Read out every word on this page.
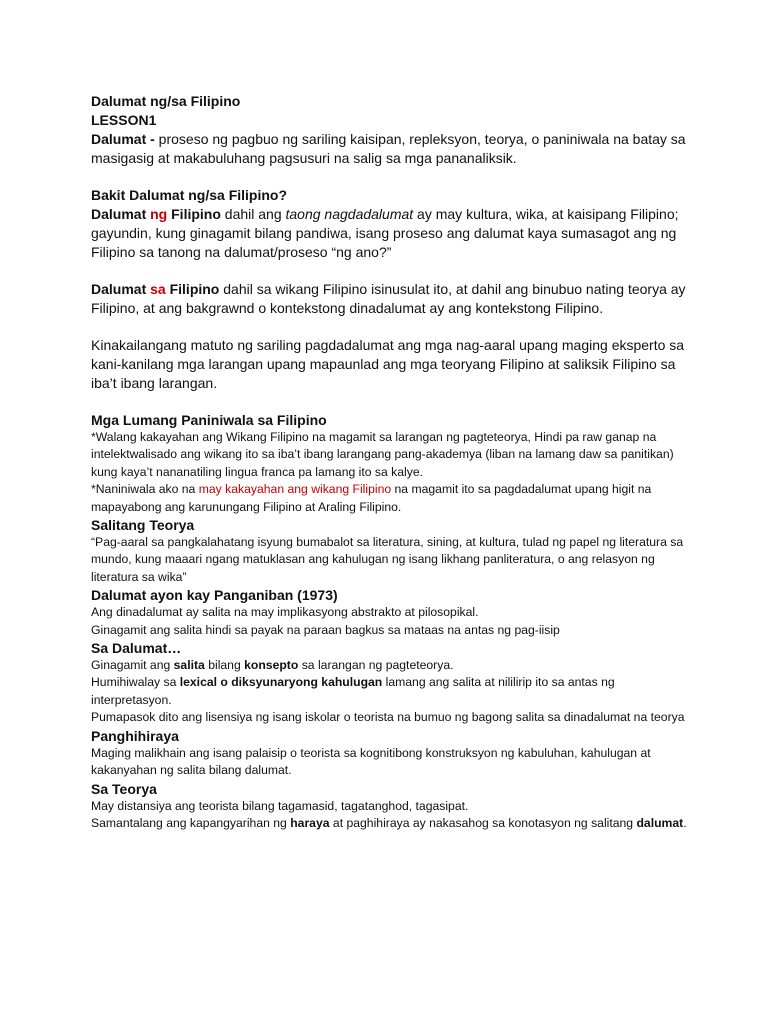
Dalumat ng/sa Filipino

LESSON1

Dalumat - proseso ng pagbuo ng sariling kaisipan, repleksyon, teorya, o paniniwala na batay sa masigasig at makabuluhang pagsusuri na salig sa mga pananaliksik.

Bakit Dalumat ng/sa Filipino?

Dalumat ng Filipino dahil ang taong nagdadalumat ay may kultura, wika, at kaisipang Filipino; gayundin, kung ginagamit bilang pandiwa, isang proseso ang dalumat kaya sumasagot ang ng Filipino sa tanong na dalumat/proseso “ng ano?”

Dalumat sa Filipino dahil sa wikang Filipino isinusulat ito, at dahil ang binubuo nating teorya ay Filipino, at ang bakgrawnd o kontekstong dinadalumat ay ang kontekstong Filipino.

Kinakailangang matuto ng sariling pagdadalumat ang mga nag-aaral upang maging eksperto sa kani-kanilang mga larangan upang mapaunlad ang mga teoryang Filipino at saliksik Filipino sa iba’t ibang larangan.

Mga Lumang Paniniwala sa Filipino

*Walang kakayahan ang Wikang Filipino na magamit sa larangan ng pagteteorya, Hindi pa raw ganap na intelektwalisado ang wikang ito sa iba’t ibang larangang pang-akademya (liban na lamang daw sa panitikan) kung kaya’t nananatiling lingua franca pa lamang ito sa kalye.

*Naniniwala ako na may kakayahan ang wikang Filipino na magamit ito sa pagdadalumat upang higit na mapayabong ang karunungang Filipino at Araling Filipino.

Salitang Teorya

“Pag-aaral sa pangkalahatang isyung bumabalot sa literatura, sining, at kultura, tulad ng papel ng literatura sa mundo, kung maaari ngang matuklasan ang kahulugan ng isang likhang panliteratura, o ang relasyon ng literatura sa wika”

Dalumat ayon kay Panganiban (1973)

Ang dinadalumat ay salita na may implikasyong abstrakto at pilosopikal.

Ginagamit ang salita hindi sa payak na paraan bagkus sa mataas na antas ng pag-iisip

Sa Dalumat…

Ginagamit ang salita bilang konsepto sa larangan ng pagteteorya.

Humihiwalay sa lexical o diksyunaryong kahulugan lamang ang salita at nililirip ito sa antas ng interpretasyon.

Pumapasok dito ang lisensiya ng isang iskolar o teorista na bumuo ng bagong salita sa dinadalumat na teorya

Panghihiraya

Maging malikhain ang isang palaisip o teorista sa kognitibong konstruksyon ng kabuluhan, kahulugan at kakanyahan ng salita bilang dalumat.

Sa Teorya

May distansiya ang teorista bilang tagamasid, tagatanghod, tagasipat.

Samantalang ang kapangyarihan ng haraya at paghihiraya ay nakasahog sa konotasyon ng salitang dalumat.
